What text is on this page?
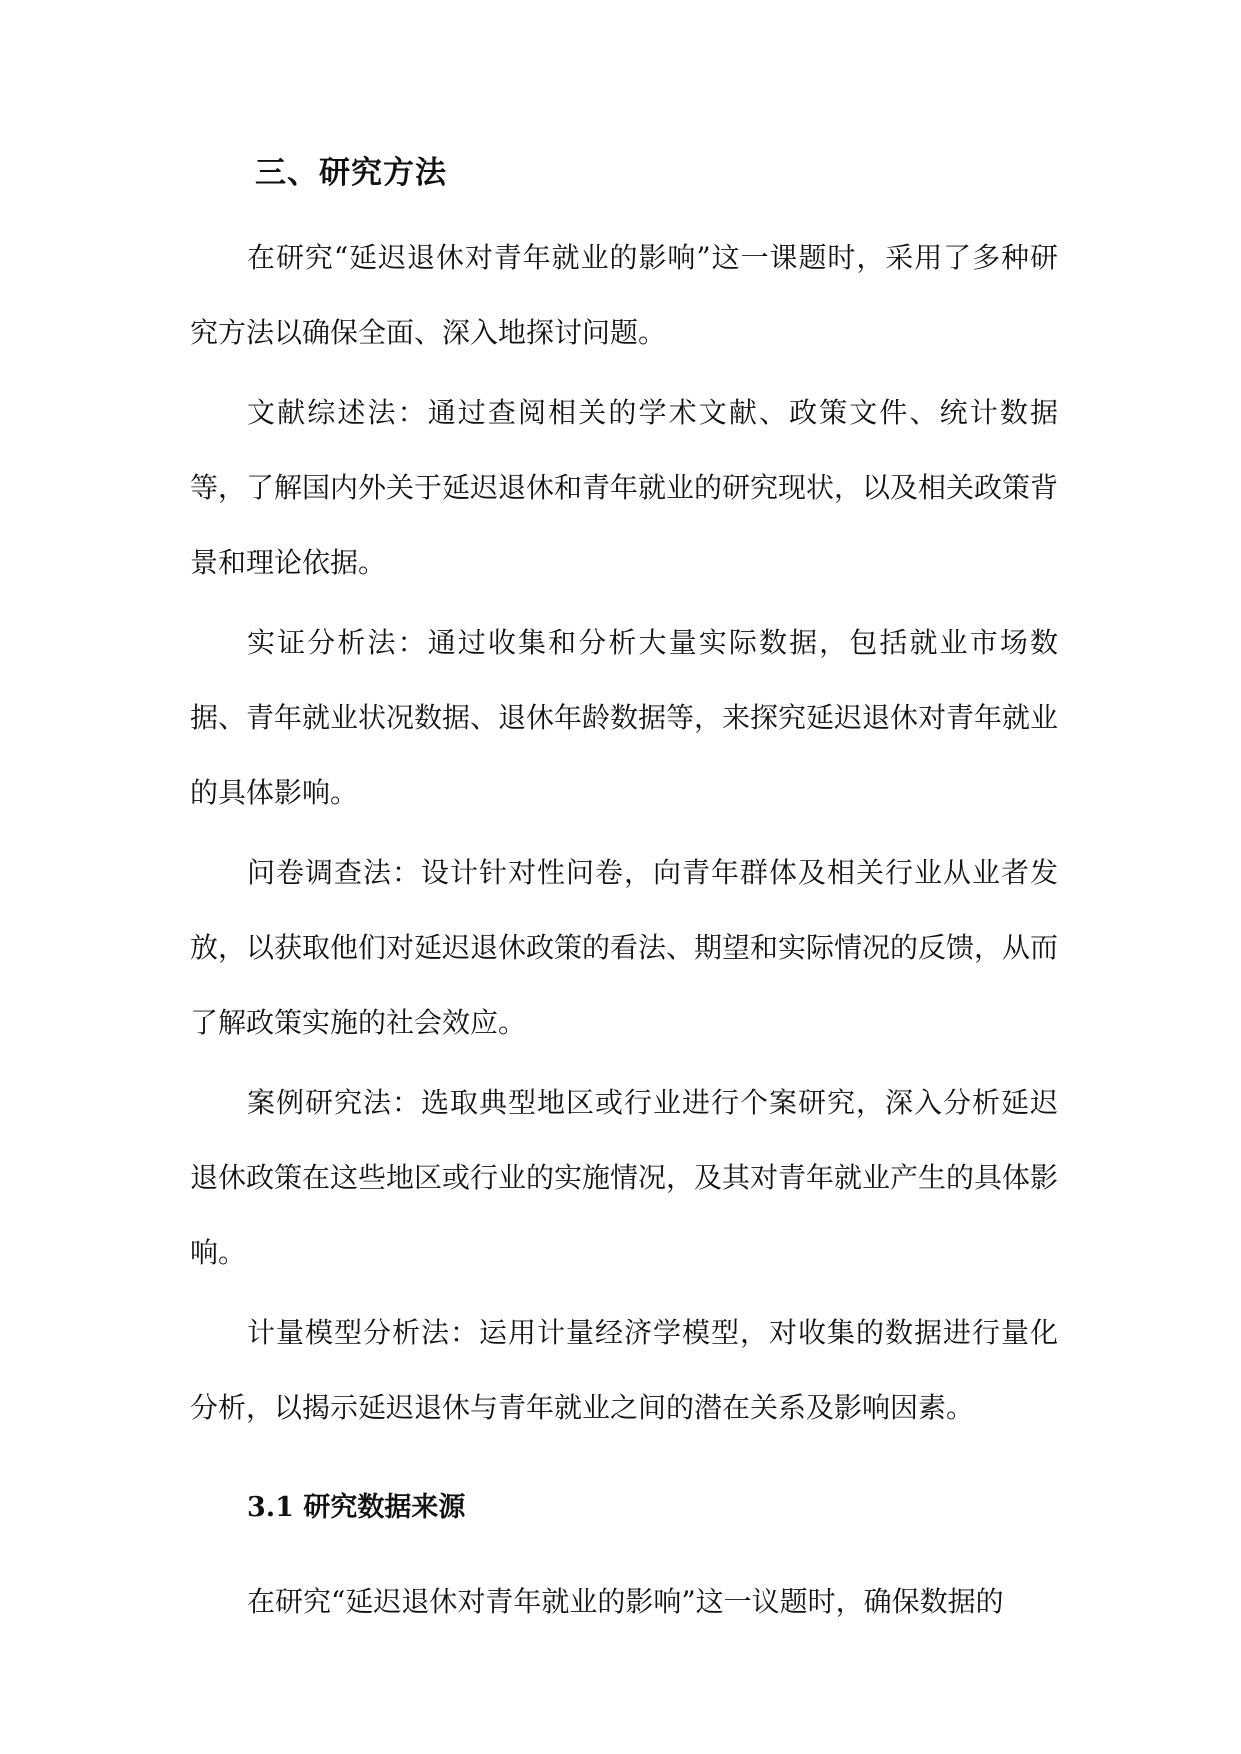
三、研究方法

在研究“延迟退休对青年就业的影响”这一课题时，采用了多种研究方法以确保全面、深入地探讨问题。

文献综述法：通过查阅相关的学术文献、政策文件、统计数据等，了解国内外关于延迟退休和青年就业的研究现状，以及相关政策背景和理论依据。

实证分析法：通过收集和分析大量实际数据，包括就业市场数据、青年就业状况数据、退休年龄数据等，来探究延迟退休对青年就业的具体影响。

问卷调查法：设计针对性问卷，向青年群体及相关行业从业者发放，以获取他们对延迟退休政策的看法、期望和实际情况的反馈，从而了解政策实施的社会效应。

案例研究法：选取典型地区或行业进行个案研究，深入分析延迟退休政策在这些地区或行业的实施情况，及其对青年就业产生的具体影响。

计量模型分析法：运用计量经济学模型，对收集的数据进行量化分析，以揭示延迟退休与青年就业之间的潜在关系及影响因素。

3.1 研究数据来源

在研究“延迟退休对青年就业的影响”这一议题时，确保数据的
